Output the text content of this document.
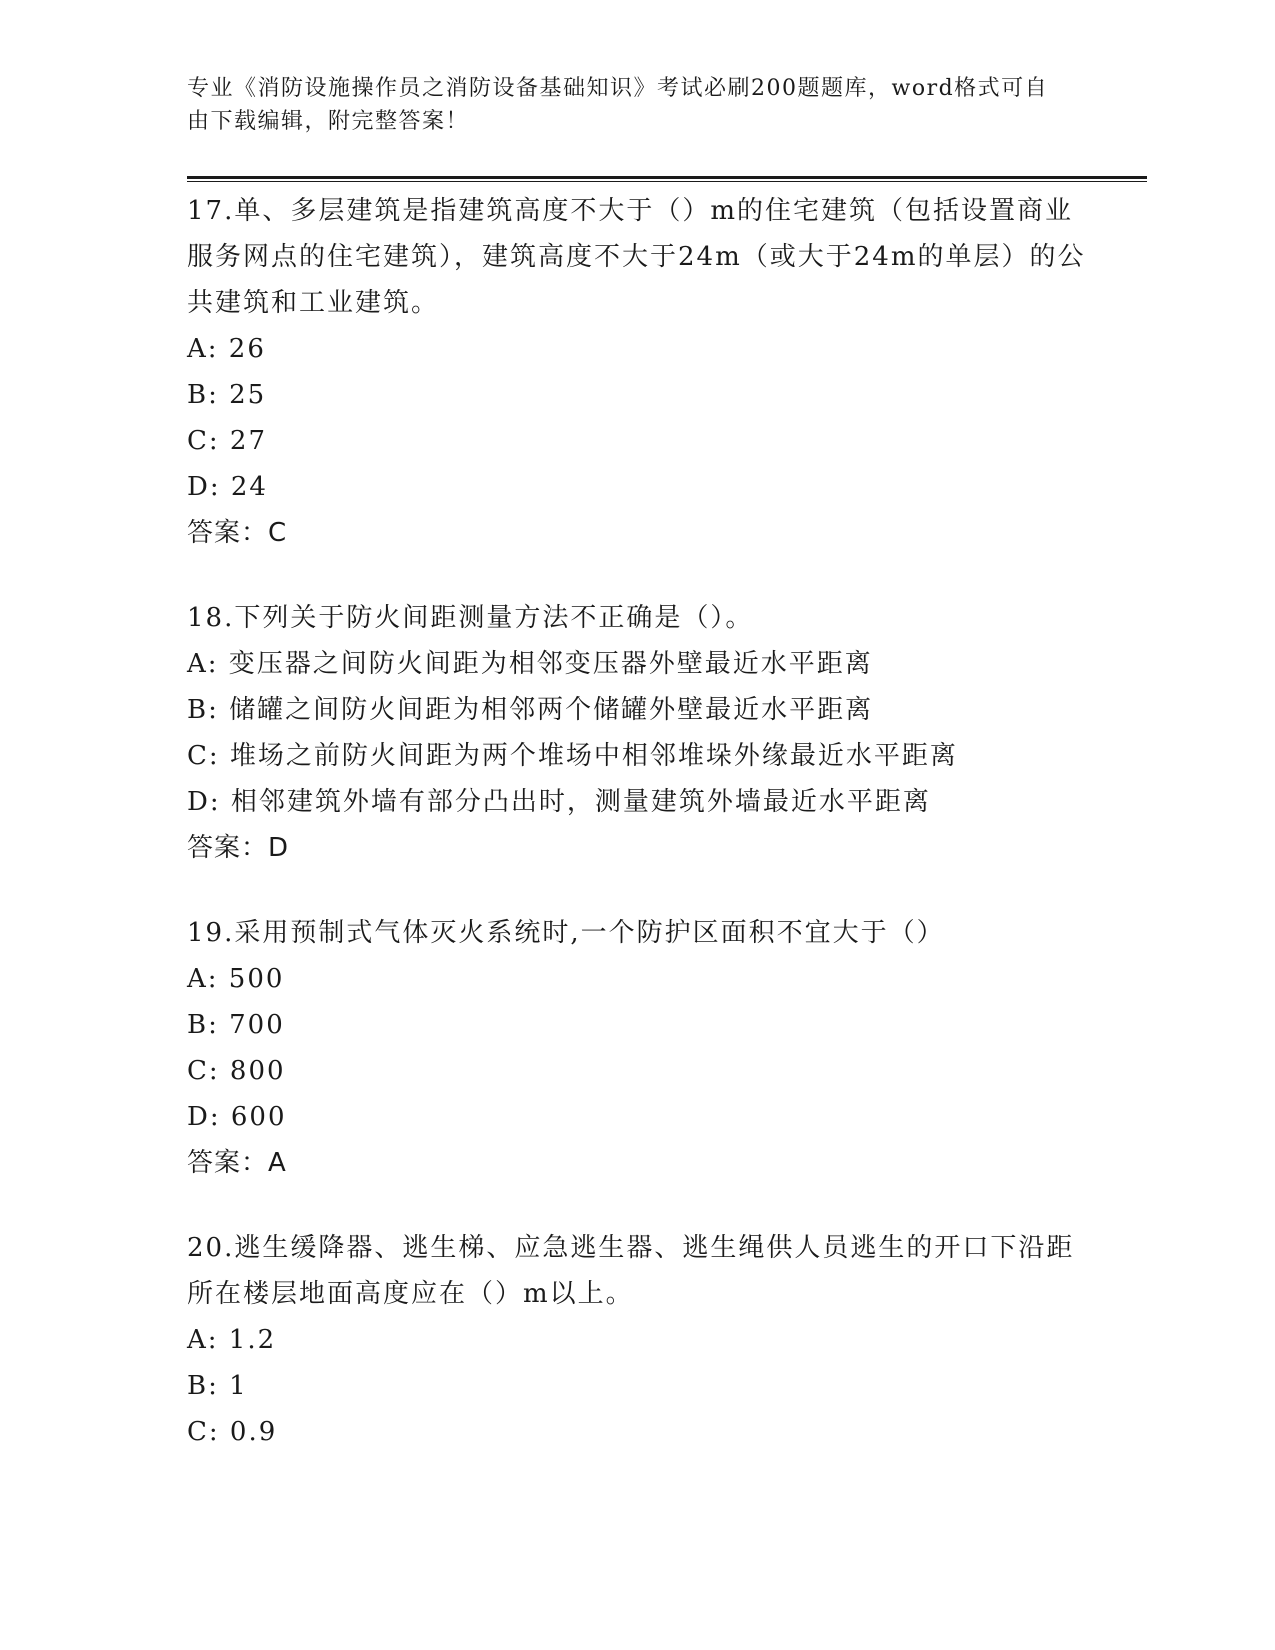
专业《消防设施操作员之消防设备基础知识》考试必刷200题题库，word格式可自由下载编辑，附完整答案！
17.单、多层建筑是指建筑高度不大于（）m的住宅建筑（包括设置商业服务网点的住宅建筑），建筑高度不大于24m（或大于24m的单层）的公共建筑和工业建筑。
A: 26
B: 25
C: 27
D: 24
答案：C
18.下列关于防火间距测量方法不正确是（）。
A: 变压器之间防火间距为相邻变压器外壁最近水平距离
B: 储罐之间防火间距为相邻两个储罐外壁最近水平距离
C: 堆场之前防火间距为两个堆场中相邻堆垛外缘最近水平距离
D: 相邻建筑外墙有部分凸出时，测量建筑外墙最近水平距离
答案：D
19.采用预制式气体灭火系统时,一个防护区面积不宜大于（）
A: 500
B: 700
C: 800
D: 600
答案：A
20.逃生缓降器、逃生梯、应急逃生器、逃生绳供人员逃生的开口下沿距所在楼层地面高度应在（）m以上。
A: 1.2
B: 1
C: 0.9
